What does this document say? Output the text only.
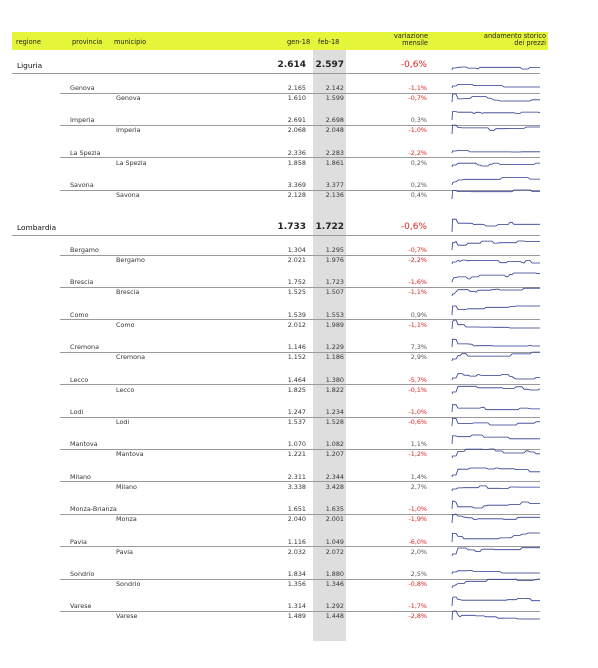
regione	provincia municipio	gen-18 feb-18
variazione
mensile
andamento storico
dei prezzi
Liguria	2.614 2.597	-0,6%
Genova	2.165	2.142	-1,1%
Genova	1.610	1.599	-0,7%
Imperia	2.691	2.698	0,3%
Imperia	2.068	2.048	-1,0%
La Spezia	2.336	2.283	-2,2%
La Spezia	1.858	1.861	0,2%
Savona	3.369	3.377	0,2%
Savona	2.128	2.136	0,4%
Lombardia	1.733 1.722	-0,6%
Bergamo	1.304	1.295	-0,7%
Bergamo	2.021	1.976	-2,2%
Brescia	1.752	1.723	-1,6%
Brescia	1.525	1.507	-1,1%
Como	1.539	1.553	0,9%
Como	2.012	1.989	-1,1%
Cremona	1.146	1.229	7,3%
Cremona	1.152	1.186	2,9%
Lecco	1.464	1.380	-5,7%
Lecco	1.825	1.822	-0,1%
Lodi	1.247	1.234	-1,0%
Lodi	1.537	1.528	-0,6%
Mantova	1.070	1.082	1,1%
Mantova	1.221	1.207	-1,2%
Milano	2.311	2.344	1,4%
Milano	3.338	3.428	2,7%
Monza-Brianza	1.651	1.635	-1,0%
Monza	2.040	2.001	-1,9%
Pavia	1.116	1.049	-6,0%
Pavia	2.032	2.072	2,0%
Sondrio	1.834	1.880	2,5%
Sondrio	1.356	1.346	-0,8%
Varese	1.314	1.292	-1,7%
Varese	1.489	1.448	-2,8%
